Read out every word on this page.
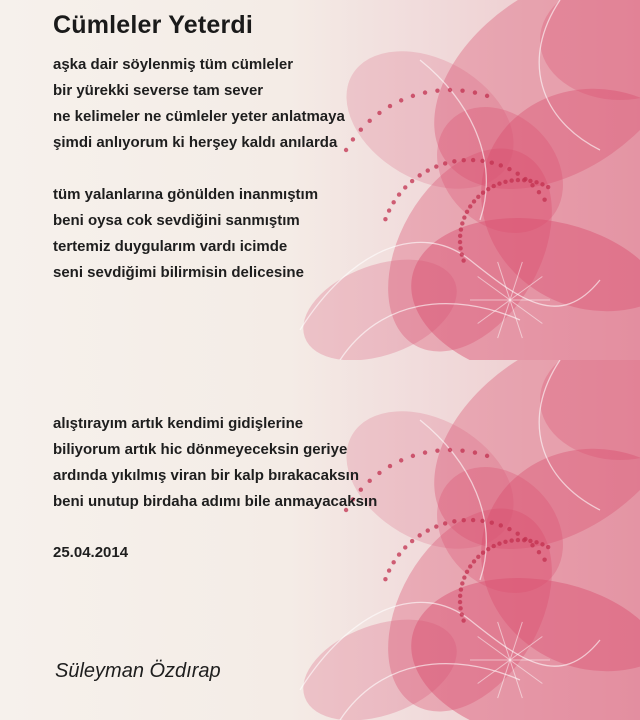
Cümleler Yeterdi
aşka dair söylenmiş tüm cümleler
bir yürekki severse tam sever
ne kelimeler ne cümleler yeter anlatmaya
şimdi anlıyorum ki herşey kaldı anılarda
tüm yalanlarına gönülden inanmıştım
beni oysa cok sevdiğini sanmıştım
tertemiz duygularım vardı icimde
seni sevdiğimi bilirmisin delicesine
alıştırayım artık kendimi gidişlerine
biliyorum artık hic dönmeyeceksin geriye
ardında yıkılmış viran bir kalp bırakacaksın
beni unutup birdaha adımı bile anmayacaksın
25.04.2014
Süleyman Özdırap
